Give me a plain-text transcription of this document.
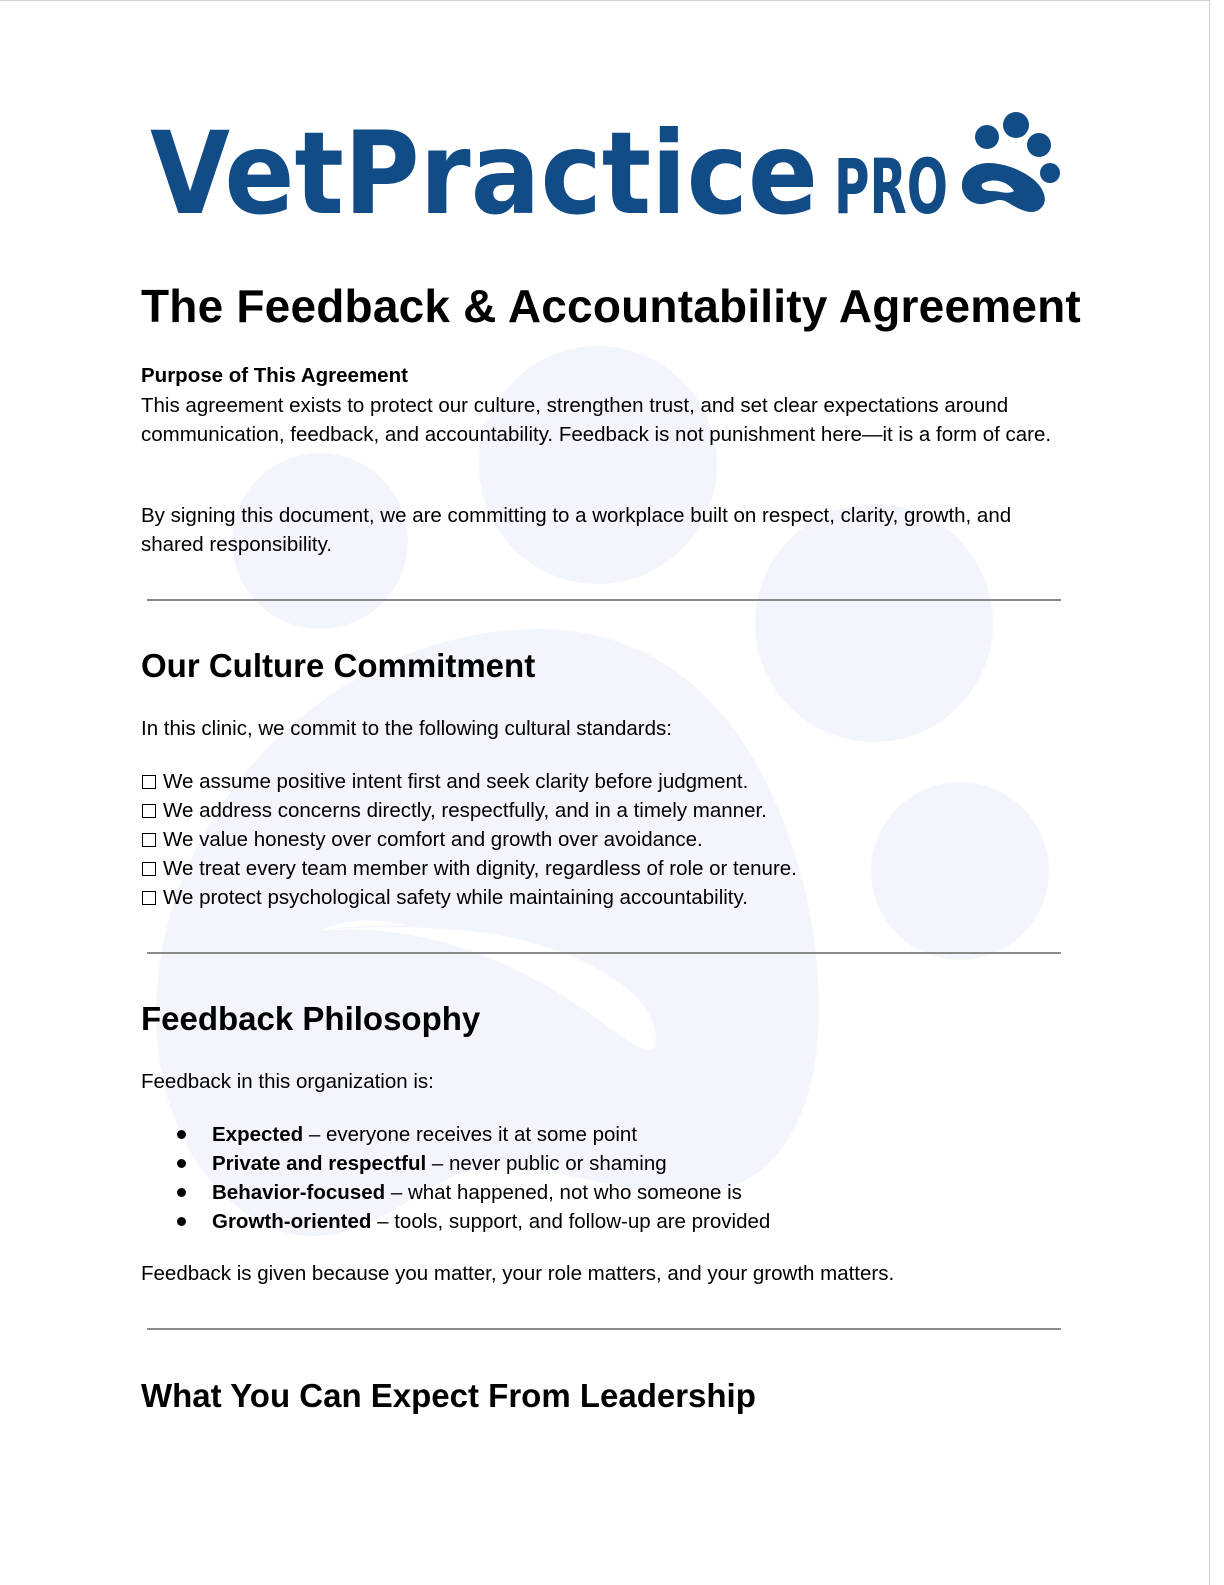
VetPractice PRO
The Feedback & Accountability Agreement

Purpose of This Agreement

This agreement exists to protect our culture, strengthen trust, and set clear expectations around communication, feedback, and accountability. Feedback is not punishment here—it is a form of care.

By signing this document, we are committing to a workplace built on respect, clarity, growth, and shared responsibility.

Our Culture Commitment

In this clinic, we commit to the following cultural standards:

We assume positive intent first and seek clarity before judgment.
We address concerns directly, respectfully, and in a timely manner.
We value honesty over comfort and growth over avoidance.
We treat every team member with dignity, regardless of role or tenure.
We protect psychological safety while maintaining accountability.
Feedback Philosophy

Feedback in this organization is:

Expected – everyone receives it at some point
Private and respectful – never public or shaming
Behavior-focused – what happened, not who someone is
Growth-oriented – tools, support, and follow-up are provided

Feedback is given because you matter, your role matters, and your growth matters.

What You Can Expect From Leadership
